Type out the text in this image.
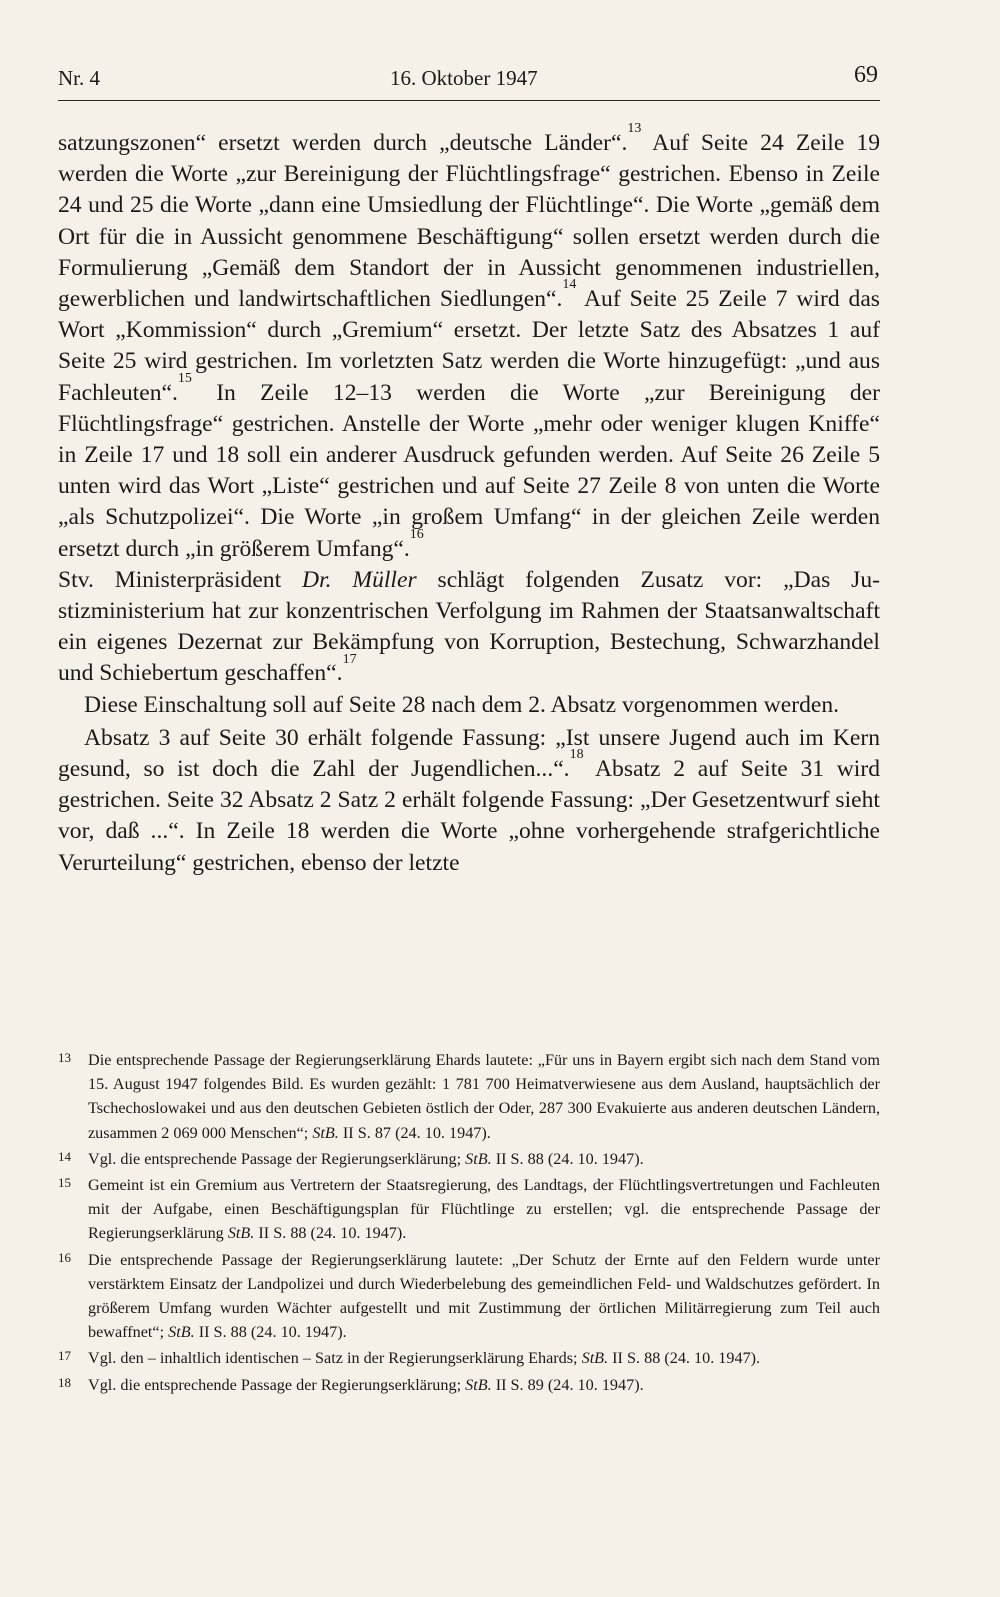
Nr. 4	16. Oktober 1947	69

satzungszonen“ ersetzt werden durch „deutsche Länder“.$^{13}$ Auf Seite 24 Zeile 19 werden die Worte „zur Bereinigung der Flüchtlingsfrage“ gestrichen. Ebenso in Zeile 24 und 25 die Worte „dann eine Umsiedlung der Flüchtlinge“. Die Worte „gemäß dem Ort für die in Aussicht genommene Beschäftigung“ sollen ersetzt werden durch die Formulierung „Gemäß dem Standort der in Aussicht genommenen industriellen, gewerblichen und landwirtschaftlichen Siedlungen“.$^{14}$ Auf Seite 25 Zeile 7 wird das Wort „Kommission“ durch „Gremium“ ersetzt. Der letzte Satz des Absatzes 1 auf Seite 25 wird gestrichen. Im vorletzten Satz werden die Worte hinzugefügt: „und aus Fachleuten“.$^{15}$ In Zeile 12–13 werden die Worte „zur Bereinigung der Flüchtlingsfrage“ gestrichen. Anstelle der Worte „mehr oder weniger klugen Kniffe“ in Zeile 17 und 18 soll ein anderer Ausdruck gefunden werden. Auf Seite 26 Zeile 5 unten wird das Wort „Liste“ gestrichen und auf Seite 27 Zeile 8 von unten die Worte „als Schutzpolizei“. Die Worte „in großem Umfang“ in der gleichen Zeile werden ersetzt durch „in größerem Umfang“.$^{16}$

Stv. Ministerpräsident Dr. Müller schlägt folgenden Zusatz vor: „Das Justizministerium hat zur konzentrischen Verfolgung im Rahmen der Staatsanwaltschaft ein eigenes Dezernat zur Bekämpfung von Korruption, Bestechung, Schwarzhandel und Schiebertum geschaffen“.$^{17}$

Diese Einschaltung soll auf Seite 28 nach dem 2. Absatz vorgenommen werden.

Absatz 3 auf Seite 30 erhält folgende Fassung: „Ist unsere Jugend auch im Kern gesund, so ist doch die Zahl der Jugendlichen...“.$^{18}$ Absatz 2 auf Seite 31 wird gestrichen. Seite 32 Absatz 2 Satz 2 erhält folgende Fassung: „Der Gesetzentwurf sieht vor, daß ...“. In Zeile 18 werden die Worte „ohne vorhergehende strafgerichtliche Verurteilung“ gestrichen, ebenso der letzte

13 Die entsprechende Passage der Regierungserklärung Ehards lautete: „Für uns in Bayern ergibt sich nach dem Stand vom 15. August 1947 folgendes Bild. Es wurden gezählt: 1 781 700 Heimatverwiesene aus dem Ausland, hauptsächlich der Tschechoslowakei und aus den deutschen Gebieten östlich der Oder, 287 300 Evakuierte aus anderen deutschen Ländern, zusammen 2 069 000 Menschen“; StB. II S. 87 (24. 10. 1947).

14 Vgl. die entsprechende Passage der Regierungserklärung; StB. II S. 88 (24. 10. 1947).

15 Gemeint ist ein Gremium aus Vertretern der Staatsregierung, des Landtags, der Flüchtlingsvertretungen und Fachleuten mit der Aufgabe, einen Beschäftigungsplan für Flüchtlinge zu erstellen; vgl. die entsprechende Passage der Regierungserklärung StB. II S. 88 (24. 10. 1947).

16 Die entsprechende Passage der Regierungserklärung lautete: „Der Schutz der Ernte auf den Feldern wurde unter verstärktem Einsatz der Landpolizei und durch Wiederbelebung des gemeindlichen Feld- und Waldschutzes gefördert. In größerem Umfang wurden Wächter aufgestellt und mit Zustimmung der örtlichen Militärregierung zum Teil auch bewaffnet“; StB. II S. 88 (24. 10. 1947).

17 Vgl. den – inhaltlich identischen – Satz in der Regierungserklärung Ehards; StB. II S. 88 (24. 10. 1947).

18 Vgl. die entsprechende Passage der Regierungserklärung; StB. II S. 89 (24. 10. 1947).
